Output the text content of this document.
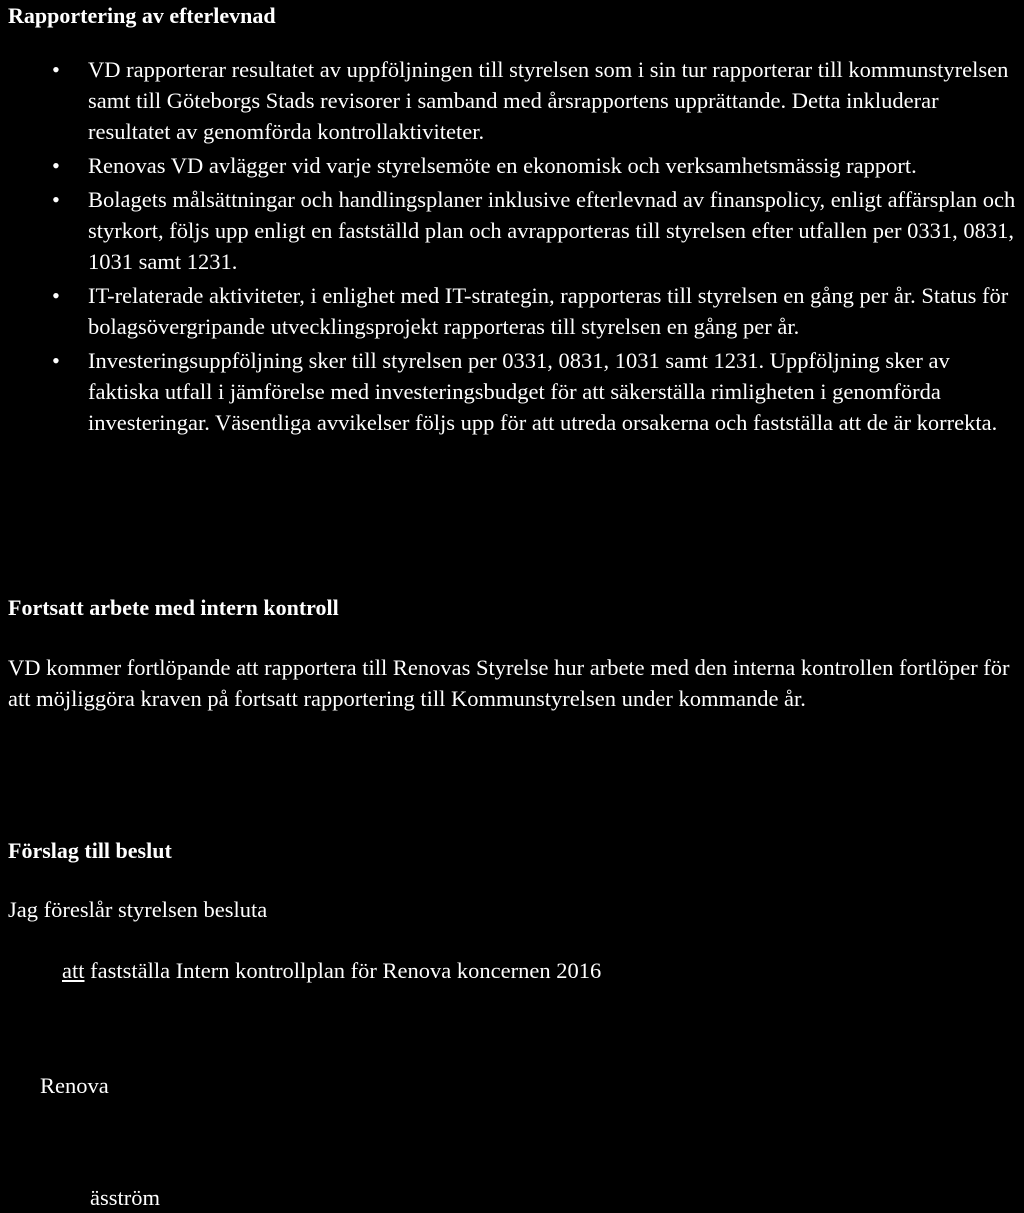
Rapportering av efterlevnad
• VD rapporterar resultatet av uppföljningen till styrelsen som i sin tur rapporterar till kommunstyrelsen samt till Göteborgs Stads revisorer i samband med årsrapportens upprättande. Detta inkluderar resultatet av genomförda kontrollaktiviteter.
• Renovas VD avlägger vid varje styrelsemöte en ekonomisk och verksamhetsmässig rapport.
• Bolagets målsättningar och handlingsplaner inklusive efterlevnad av finanspolicy, enligt affärsplan och styrkort, följs upp enligt en fastställd plan och avrapporteras till styrelsen efter utfallen per 0331, 0831, 1031 samt 1231.
• IT-relaterade aktiviteter, i enlighet med IT-strategin, rapporteras till styrelsen en gång per år. Status för bolagsövergripande utvecklingsprojekt rapporteras till styrelsen en gång per år.
• Investeringsuppföljning sker till styrelsen per 0331, 0831, 1031 samt 1231. Uppföljning sker av faktiska utfall i jämförelse med investeringsbudget för att säkerställa rimligheten i genomförda investeringar. Väsentliga avvikelser följs upp för att utreda orsakerna och fastställa att de är korrekta.
Fortsatt arbete med intern kontroll
VD kommer fortlöpande att rapportera till Renovas Styrelse hur arbete med den interna kontrollen fortlöper för att möjliggöra kraven på fortsatt rapportering till Kommunstyrelsen under kommande år.
Förslag till beslut
Jag föreslår styrelsen besluta
att fastställa Intern kontrollplan för Renova koncernen 2016
Renova
äsström
